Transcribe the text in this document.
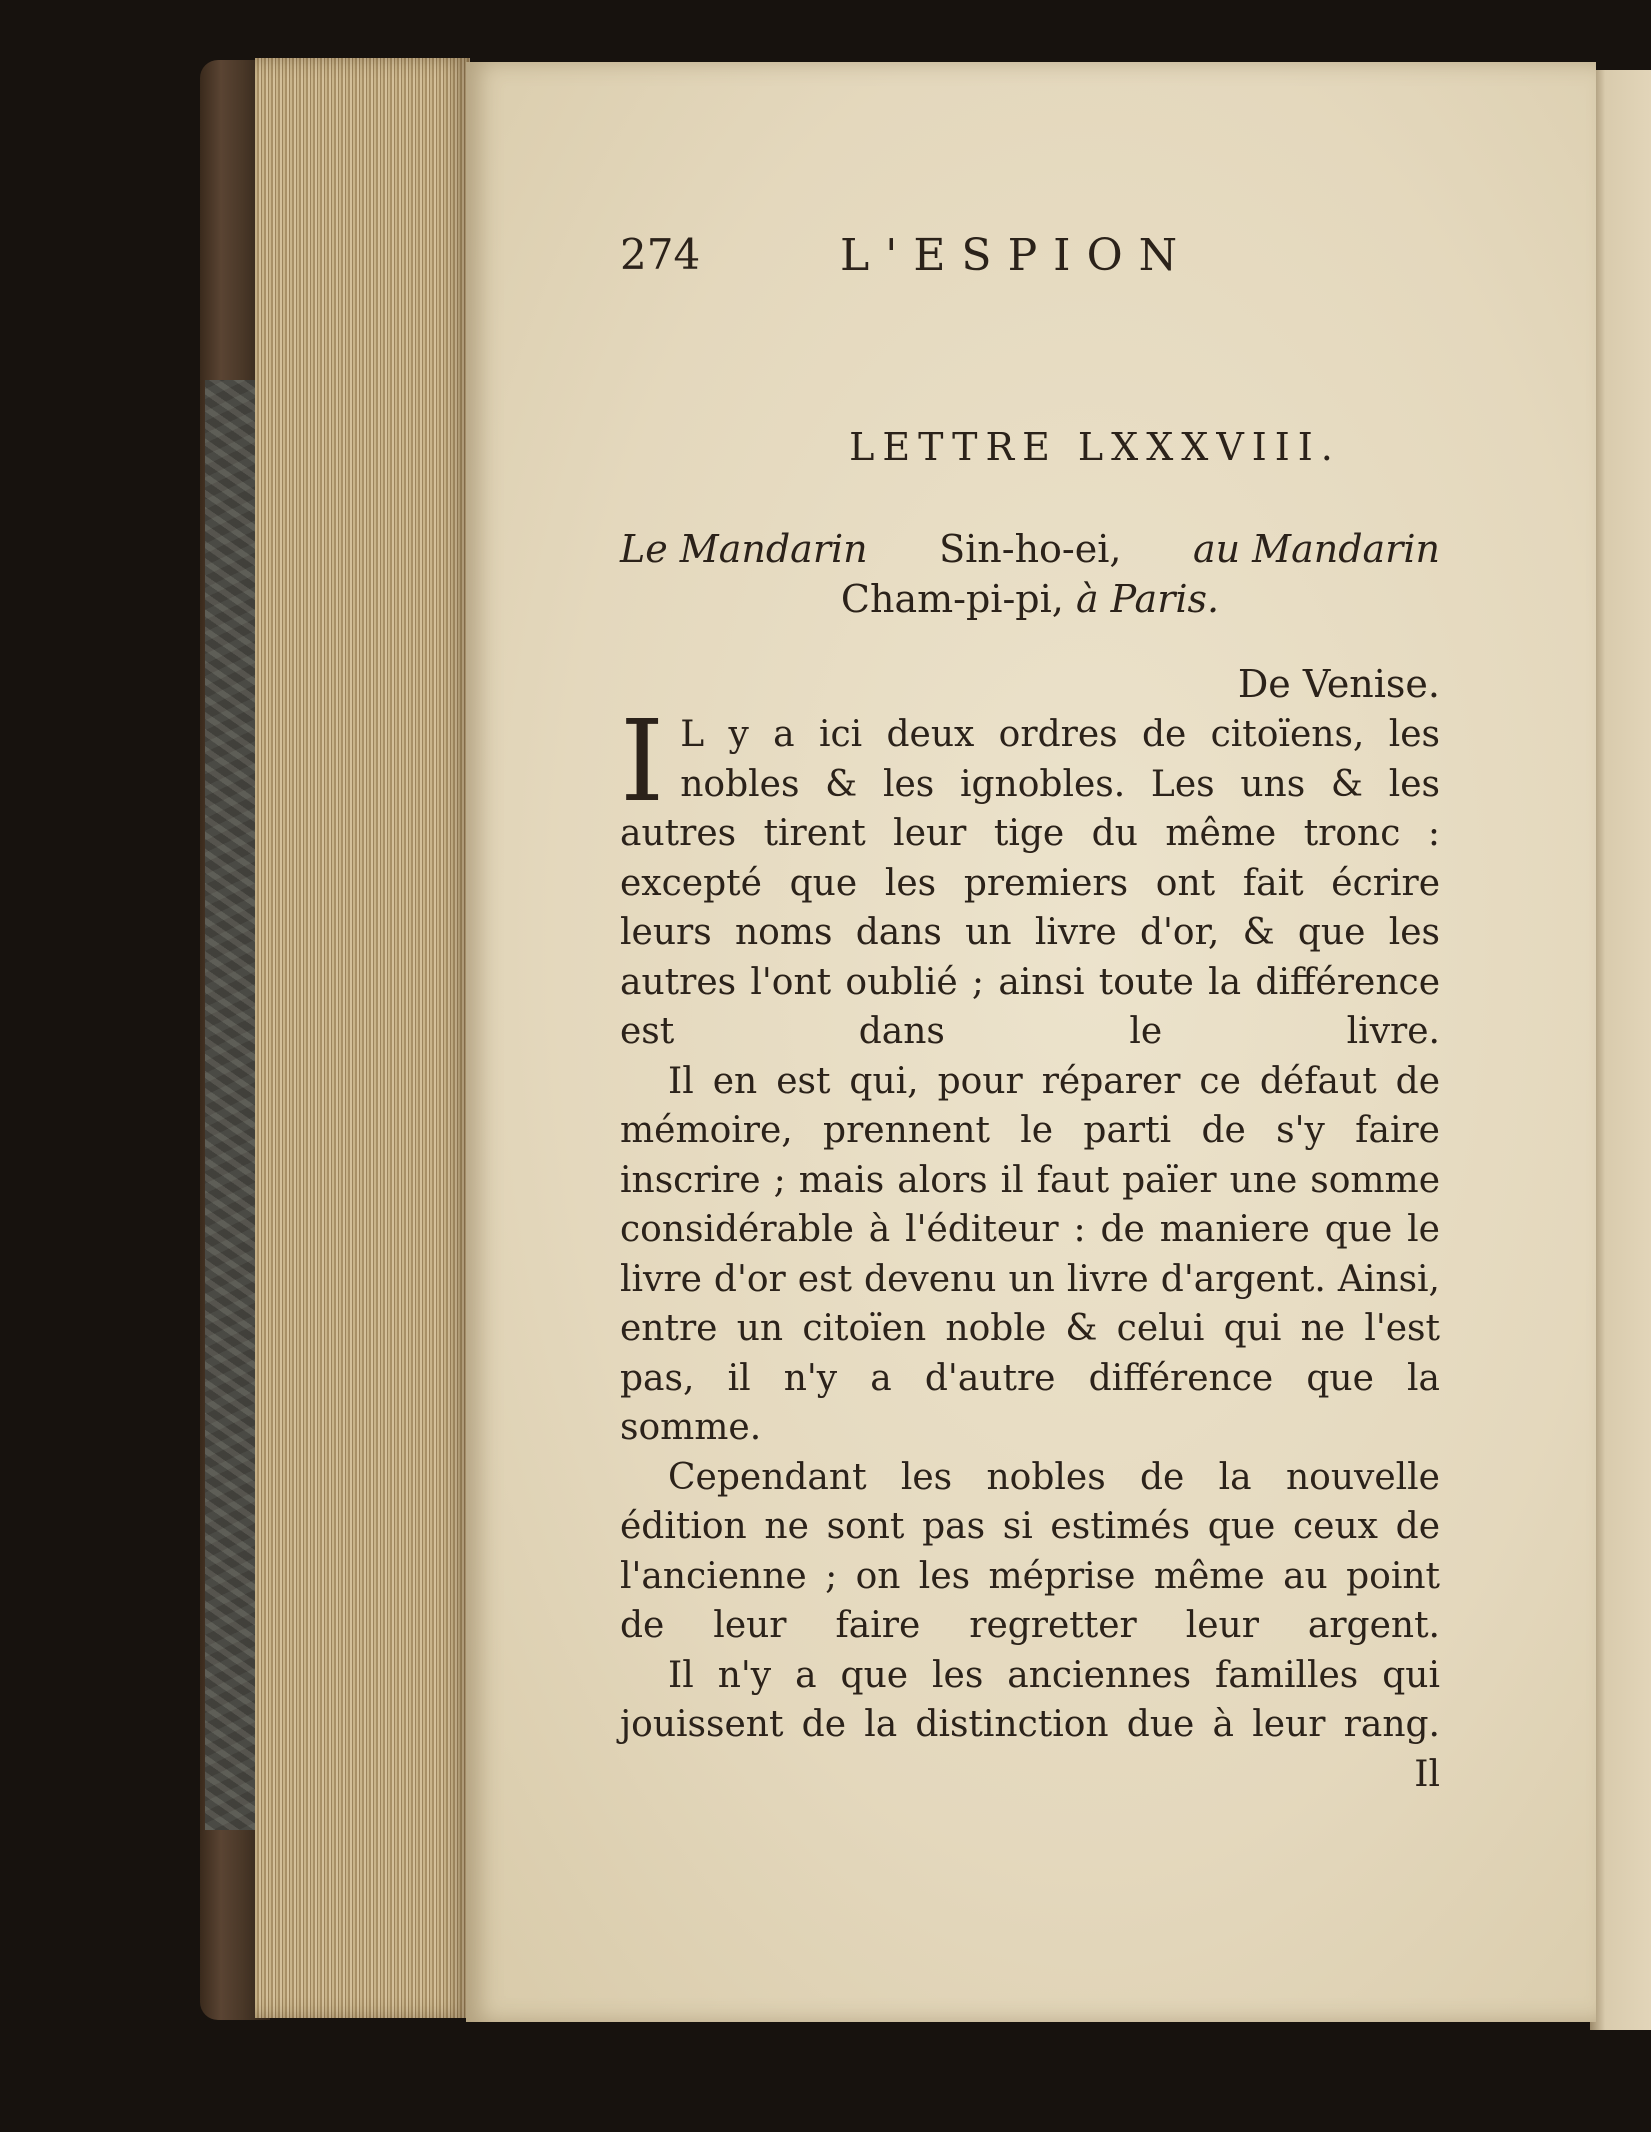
274	L'ESPION
LETTRE LXXXVIII.
Le Mandarin Sin-ho-ei, au Mandarin
Cham-pi-pi, à Paris.
De Venise.

I L y a ici deux ordres de citoïens, les nobles & les ignobles. Les uns & les autres tirent leur tige du même tronc : excepté que les premiers ont fait écrire leurs noms dans un livre d'or, & que les autres l'ont oublié ; ainsi toute la différence est dans le livre.

Il en est qui, pour réparer ce défaut de mémoire, prennent le parti de s'y faire inscrire ; mais alors il faut païer une somme considérable à l'éditeur : de maniere que le livre d'or est devenu un livre d'argent. Ainsi, entre un citoïen noble & celui qui ne l'est pas, il n'y a d'autre différence que la somme.

Cependant les nobles de la nouvelle édition ne sont pas si estimés que ceux de l'ancienne ; on les méprise même au point de leur faire regretter leur argent.

Il n'y a que les anciennes familles qui jouissent de la distinction due à leur rang.

Il
